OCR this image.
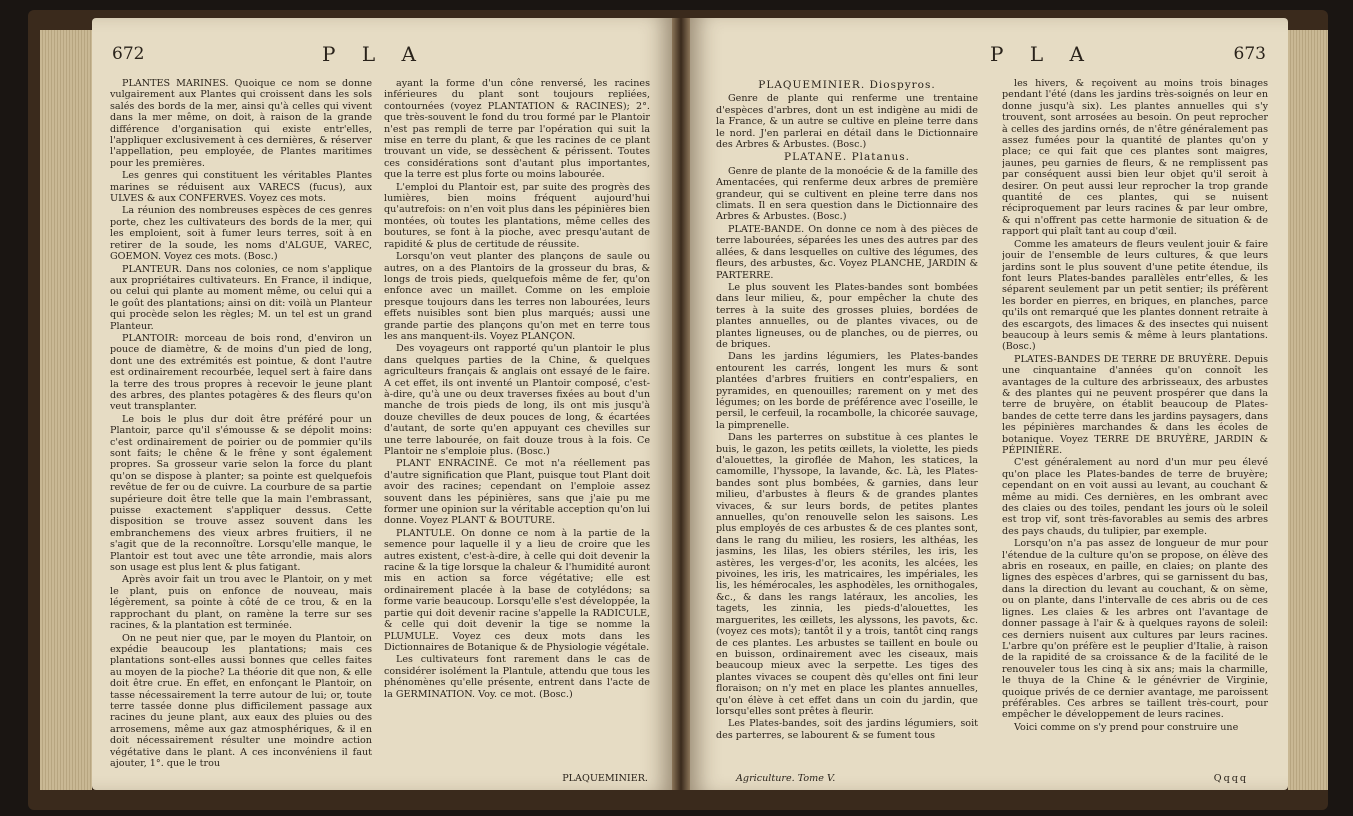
672	P L A

PLANTES MARINES. Quoique ce nom se donne vulgairement aux Plantes qui croissent dans les sols salés des bords de la mer, ainsi qu'à celles qui vivent dans la mer même, on doit, à raison de la grande différence d'organisation qui existe entr'elles, l'appliquer exclusivement à ces dernières, & réserver l'appellation, peu employée, de Plantes maritimes pour les premières.

Les genres qui constituent les véritables Plantes marines se réduisent aux VARECS (fucus), aux ULVES & aux CONFERVES. Voyez ces mots.

La réunion des nombreuses espèces de ces genres porte, chez les cultivateurs des bords de la mer, qui les emploient, soit à fumer leurs terres, soit à en retirer de la soude, les noms d'ALGUE, VAREC, GOEMON. Voyez ces mots. (Bosc.)

PLANTEUR. Dans nos colonies, ce nom s'applique aux propriétaires cultivateurs. En France, il indique, ou celui qui plante au moment même, ou celui qui a le goût des plantations; ainsi on dit: voilà un Planteur qui procède selon les règles; M. un tel est un grand Planteur.

PLANTOIR: morceau de bois rond, d'environ un pouce de diamètre, & de moins d'un pied de long, dont une des extrémités est pointue, & dont l'autre est ordinairement recourbée, lequel sert à faire dans la terre des trous propres à recevoir le jeune plant des arbres, des plantes potagères & des fleurs qu'on veut transplanter.

Le bois le plus dur doit être préféré pour un Plantoir, parce qu'il s'émousse & se dépolit moins: c'est ordinairement de poirier ou de pommier qu'ils sont faits; le chêne & le frêne y sont également propres. Sa grosseur varie selon la force du plant qu'on se dispose à planter; sa pointe est quelquefois revêtue de fer ou de cuivre. La courbure de sa partie supérieure doit être telle que la main l'embrassant, puisse exactement s'appliquer dessus. Cette disposition se trouve assez souvent dans les embranchemens des vieux arbres fruitiers, il ne s'agit que de la reconnoître. Lorsqu'elle manque, le Plantoir est tout avec une tête arrondie, mais alors son usage est plus lent & plus fatigant.

Après avoir fait un trou avec le Plantoir, on y met le plant, puis on enfonce de nouveau, mais légèrement, sa pointe à côté de ce trou, & en la rapprochant du plant, on ramène la terre sur ses racines, & la plantation est terminée.

On ne peut nier que, par le moyen du Plantoir, on expédie beaucoup les plantations; mais ces plantations sont-elles aussi bonnes que celles faites au moyen de la pioche? La théorie dit que non, & elle doit être crue. En effet, en enfonçant le Plantoir, on tasse nécessairement la terre autour de lui; or, toute terre tassée donne plus difficilement passage aux racines du jeune plant, aux eaux des pluies ou des arrosemens, même aux gaz atmosphériques, & il en doit nécessairement résulter une moindre action végétative dans le plant. A ces inconvéniens il faut ajouter, 1°. que le trou

ayant la forme d'un cône renversé, les racines inférieures du plant sont toujours repliées, contournées (voyez PLANTATION & RACINES); 2°. que très-souvent le fond du trou formé par le Plantoir n'est pas rempli de terre par l'opération qui suit la mise en terre du plant, & que les racines de ce plant trouvant un vide, se dessèchent & périssent. Toutes ces considérations sont d'autant plus importantes, que la terre est plus forte ou moins labourée.

L'emploi du Plantoir est, par suite des progrès des lumières, bien moins fréquent aujourd'hui qu'autrefois: on n'en voit plus dans les pépinières bien montées, où toutes les plantations, même celles des boutures, se font à la pioche, avec presqu'autant de rapidité & plus de certitude de réussite.

Lorsqu'on veut planter des plançons de saule ou autres, on a des Plantoirs de la grosseur du bras, & longs de trois pieds, quelquefois même de fer, qu'on enfonce avec un maillet. Comme on les emploie presque toujours dans les terres non labourées, leurs effets nuisibles sont bien plus marqués; aussi une grande partie des plançons qu'on met en terre tous les ans manquent-ils. Voyez PLANÇON.

Des voyageurs ont rapporté qu'un plantoir le plus dans quelques parties de la Chine, & quelques agriculteurs français & anglais ont essayé de le faire. A cet effet, ils ont inventé un Plantoir composé, c'est-à-dire, qu'à une ou deux traverses fixées au bout d'un manche de trois pieds de long, ils ont mis jusqu'à douze chevilles de deux pouces de long, & écartées d'autant, de sorte qu'en appuyant ces chevilles sur une terre labourée, on fait douze trous à la fois. Ce Plantoir ne s'emploie plus. (Bosc.)

PLANT ENRACINÉ. Ce mot n'a réellement pas d'autre signification que Plant, puisque tout Plant doit avoir des racines; cependant on l'emploie assez souvent dans les pépinières, sans que j'aie pu me former une opinion sur la véritable acception qu'on lui donne. Voyez PLANT & BOUTURE.

PLANTULE. On donne ce nom à la partie de la semence pour laquelle il y a lieu de croire que les autres existent, c'est-à-dire, à celle qui doit devenir la racine & la tige lorsque la chaleur & l'humidité auront mis en action sa force végétative; elle est ordinairement placée à la base de cotylédons; sa forme varie beaucoup. Lorsqu'elle s'est développée, la partie qui doit devenir racine s'appelle la RADICULE, & celle qui doit devenir la tige se nomme la PLUMULE. Voyez ces deux mots dans les Dictionnaires de Botanique & de Physiologie végétale.

Les cultivateurs font rarement dans le cas de considérer isolément la Plantule, attendu que tous les phénomènes qu'elle présente, entrent dans l'acte de la GERMINATION. Voy. ce mot. (Bosc.)

PLAQUEMINIER.
P L A	673
PLAQUEMINIER. Diospyros.

Genre de plante qui renferme une trentaine d'espèces d'arbres, dont un est indigène au midi de la France, & un autre se cultive en pleine terre dans le nord. J'en parlerai en détail dans le Dictionnaire des Arbres & Arbustes. (Bosc.)

PLATANE. Platanus.

Genre de plante de la monoécie & de la famille des Amentacées, qui renferme deux arbres de première grandeur, qui se cultivent en pleine terre dans nos climats. Il en sera question dans le Dictionnaire des Arbres & Arbustes. (Bosc.)

PLATE-BANDE. On donne ce nom à des pièces de terre labourées, séparées les unes des autres par des allées, & dans lesquelles on cultive des légumes, des fleurs, des arbustes, &c. Voyez PLANCHE, JARDIN & PARTERRE.

Le plus souvent les Plates-bandes sont bombées dans leur milieu, &, pour empêcher la chute des terres à la suite des grosses pluies, bordées de plantes annuelles, ou de plantes vivaces, ou de plantes ligneuses, ou de planches, ou de pierres, ou de briques.

Dans les jardins légumiers, les Plates-bandes entourent les carrés, longent les murs & sont plantées d'arbres fruitiers en contr'espaliers, en pyramides, en quenouilles; rarement on y met des légumes; on les borde de préférence avec l'oseille, le persil, le cerfeuil, la rocambolle, la chicorée sauvage, la pimprenelle.

Dans les parterres on substitue à ces plantes le buis, le gazon, les petits œillets, la violette, les pieds d'alouettes, la giroflée de Mahon, les statices, la camomille, l'hyssope, la lavande, &c. Là, les Plates-bandes sont plus bombées, & garnies, dans leur milieu, d'arbustes à fleurs & de grandes plantes vivaces, & sur leurs bords, de petites plantes annuelles, qu'on renouvelle selon les saisons. Les plus employés de ces arbustes & de ces plantes sont, dans le rang du milieu, les rosiers, les althéas, les jasmins, les lilas, les obiers stériles, les iris, les astères, les verges-d'or, les aconits, les alcées, les pivoines, les iris, les matricaires, les impériales, les lis, les hémérocales, les asphodèles, les ornithogales, &c., & dans les rangs latéraux, les ancolies, les tagets, les zinnia, les pieds-d'alouettes, les marguerites, les œillets, les alyssons, les pavots, &c. (voyez ces mots); tantôt il y a trois, tantôt cinq rangs de ces plantes. Les arbustes se taillent en boule ou en buisson, ordinairement avec les ciseaux, mais beaucoup mieux avec la serpette. Les tiges des plantes vivaces se coupent dès qu'elles ont fini leur floraison; on n'y met en place les plantes annuelles, qu'on élève à cet effet dans un coin du jardin, que lorsqu'elles sont prêtes à fleurir.

Les Plates-bandes, soit des jardins légumiers, soit des parterres, se labourent & se fument tous

les hivers, & reçoivent au moins trois binages pendant l'été (dans les jardins très-soignés on leur en donne jusqu'à six). Les plantes annuelles qui s'y trouvent, sont arrosées au besoin. On peut reprocher à celles des jardins ornés, de n'être généralement pas assez fumées pour la quantité de plantes qu'on y place; ce qui fait que ces plantes sont maigres, jaunes, peu garnies de fleurs, & ne remplissent pas par conséquent aussi bien leur objet qu'il seroit à desirer. On peut aussi leur reprocher la trop grande quantité de ces plantes, qui se nuisent réciproquement par leurs racines & par leur ombre, & qui n'offrent pas cette harmonie de situation & de rapport qui plaît tant au coup d'œil.

Comme les amateurs de fleurs veulent jouir & faire jouir de l'ensemble de leurs cultures, & que leurs jardins sont le plus souvent d'une petite étendue, ils font leurs Plates-bandes parallèles entr'elles, & les séparent seulement par un petit sentier; ils préfèrent les border en pierres, en briques, en planches, parce qu'ils ont remarqué que les plantes donnent retraite à des escargots, des limaces & des insectes qui nuisent beaucoup à leurs semis & même à leurs plantations. (Bosc.)

PLATES-BANDES DE TERRE DE BRUYÈRE. Depuis une cinquantaine d'années qu'on connoît les avantages de la culture des arbrisseaux, des arbustes & des plantes qui ne peuvent prospérer que dans la terre de bruyère, on établit beaucoup de Plates-bandes de cette terre dans les jardins paysagers, dans les pépinières marchandes & dans les écoles de botanique. Voyez TERRE DE BRUYÈRE, JARDIN & PÉPINIÈRE.

C'est généralement au nord d'un mur peu élevé qu'on place les Plates-bandes de terre de bruyère; cependant on en voit aussi au levant, au couchant & même au midi. Ces dernières, en les ombrant avec des claies ou des toiles, pendant les jours où le soleil est trop vif, sont très-favorables au semis des arbres des pays chauds, du tulipier, par exemple.

Lorsqu'on n'a pas assez de longueur de mur pour l'étendue de la culture qu'on se propose, on élève des abris en roseaux, en paille, en claies; on plante des lignes des espèces d'arbres, qui se garnissent du bas, dans la direction du levant au couchant, & on sème, ou on plante, dans l'intervalle de ces abris ou de ces lignes. Les claies & les arbres ont l'avantage de donner passage à l'air & à quelques rayons de soleil: ces derniers nuisent aux cultures par leurs racines. L'arbre qu'on préfère est le peuplier d'Italie, à raison de la rapidité de sa croissance & de la facilité de le renouveler tous les cinq à six ans; mais la charmille, le thuya de la Chine & le génévrier de Virginie, quoique privés de ce dernier avantage, me paroissent préférables. Ces arbres se taillent très-court, pour empêcher le développement de leurs racines.

Voici comme on s'y prend pour construire une

Agriculture. Tome V.	Qqqq
